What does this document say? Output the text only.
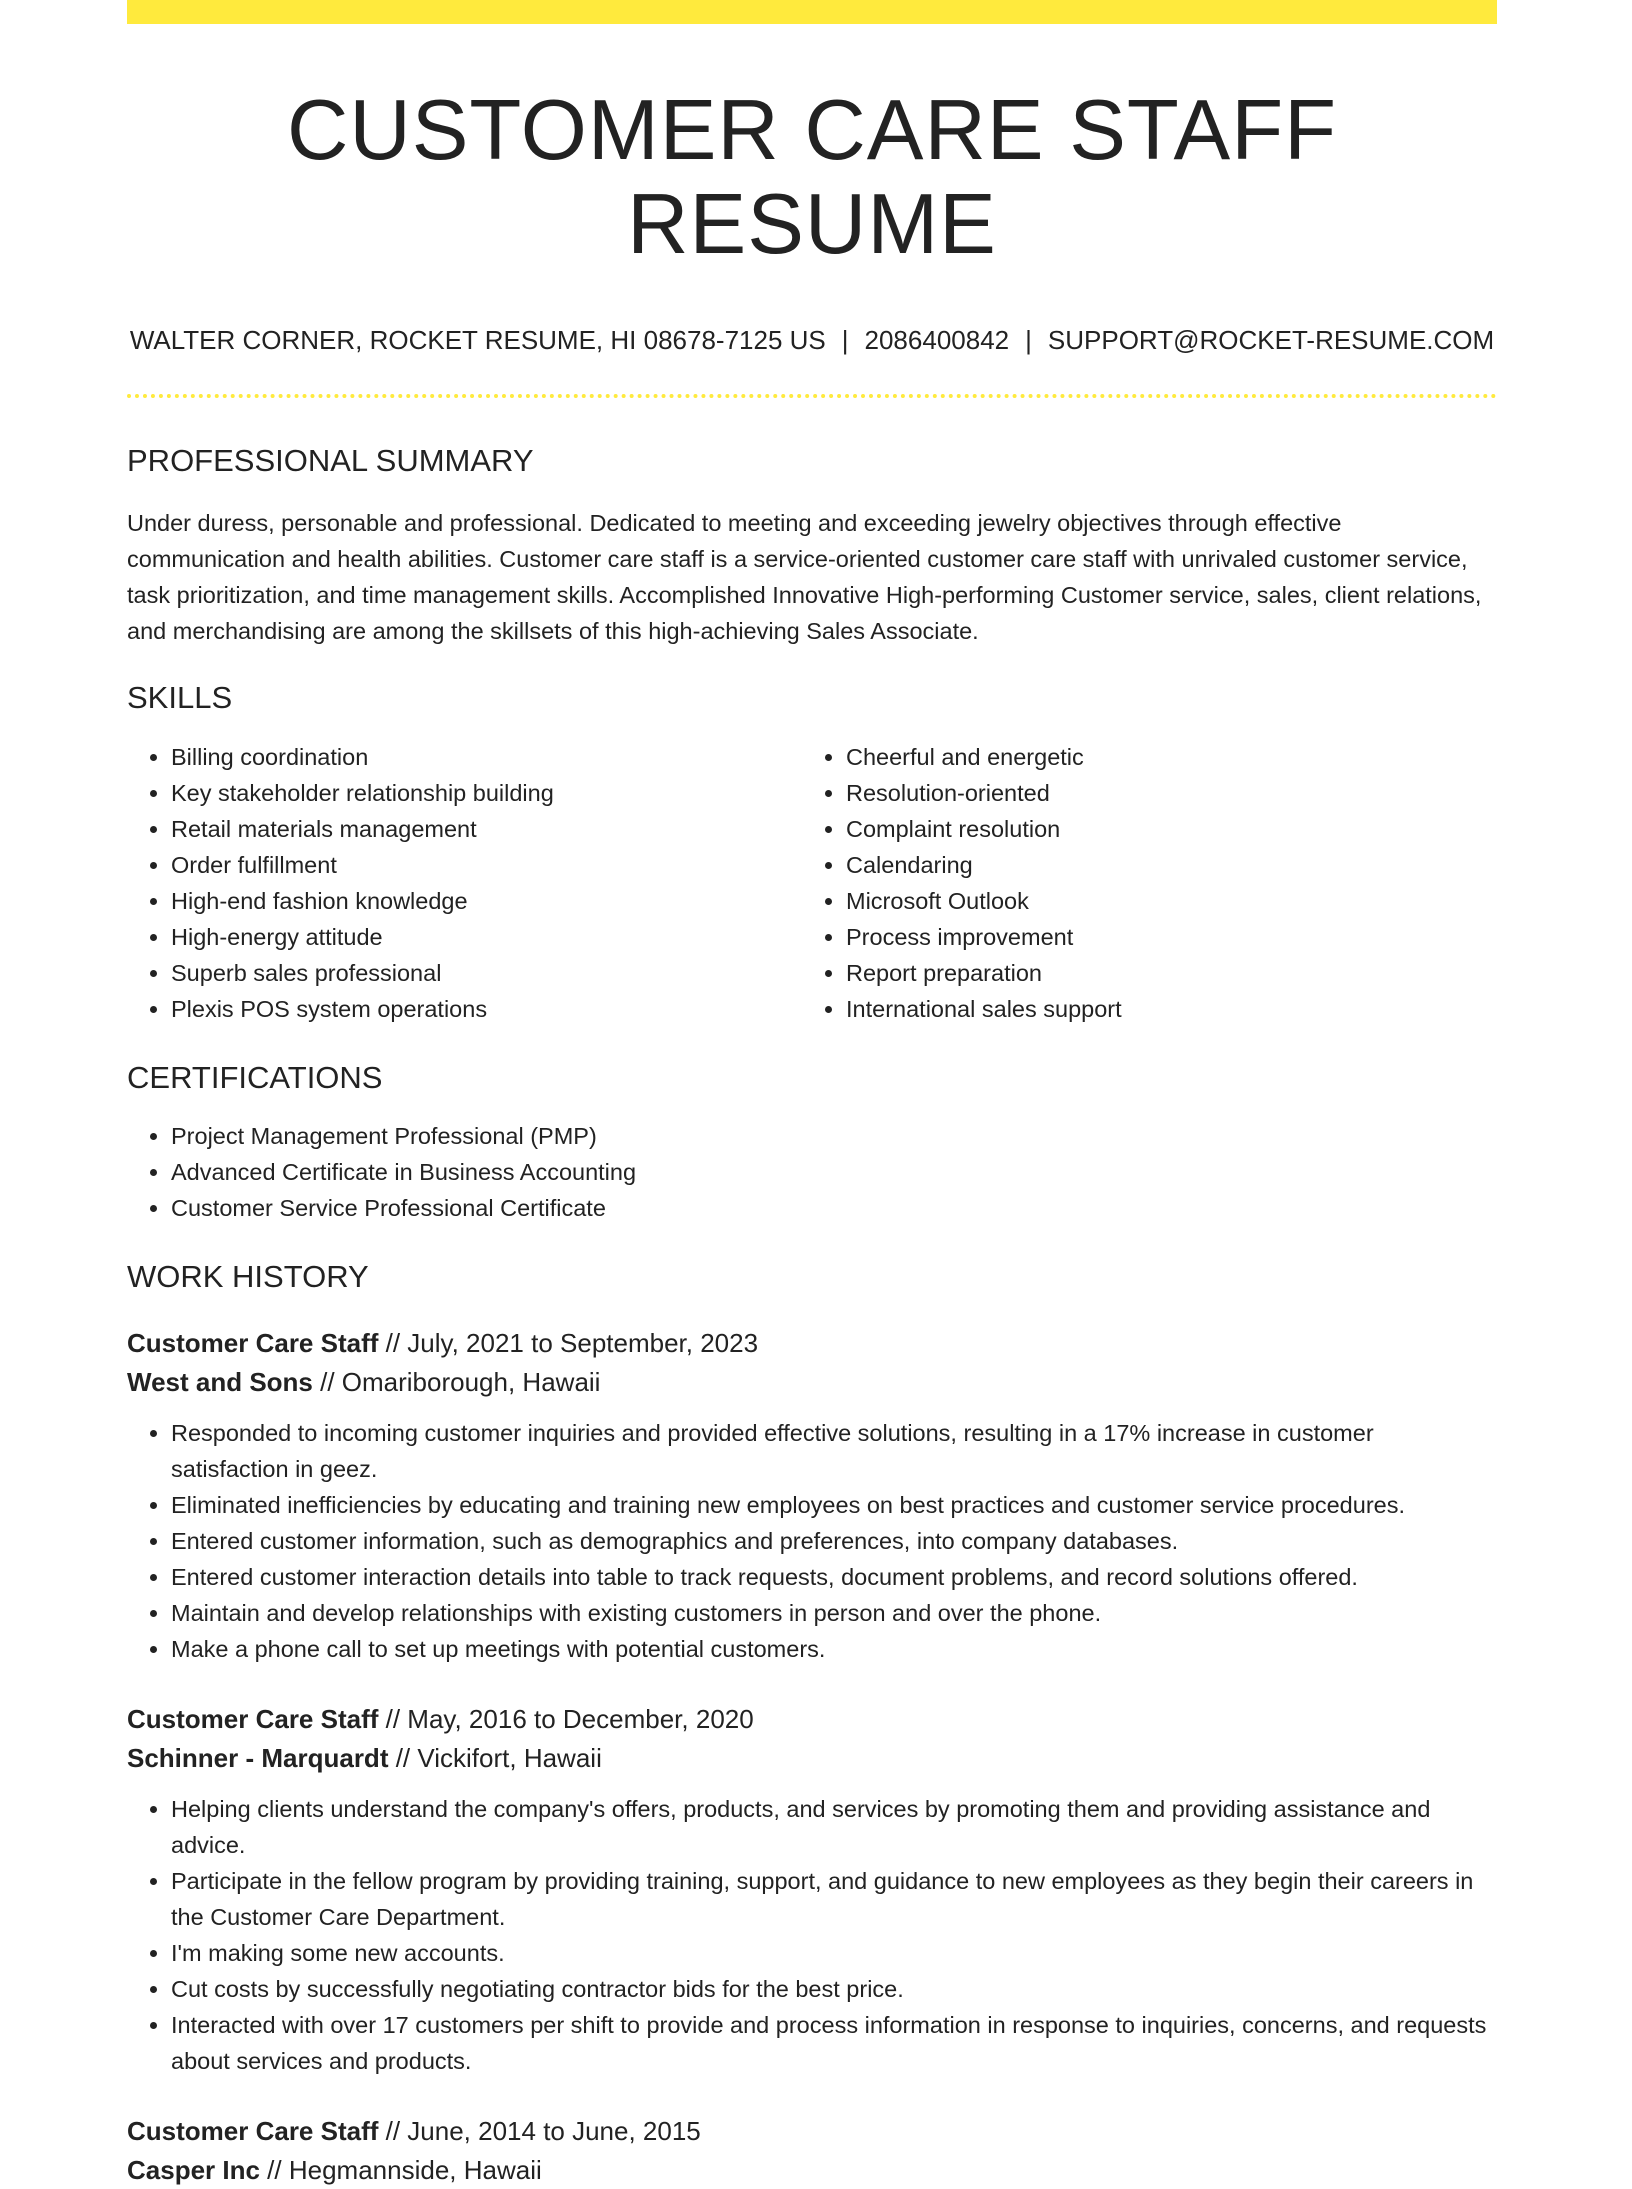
CUSTOMER CARE STAFF RESUME
WALTER CORNER, ROCKET RESUME, HI 08678-7125 US | 2086400842 | SUPPORT@ROCKET-RESUME.COM
PROFESSIONAL SUMMARY
Under duress, personable and professional. Dedicated to meeting and exceeding jewelry objectives through effective communication and health abilities. Customer care staff is a service-oriented customer care staff with unrivaled customer service, task prioritization, and time management skills. Accomplished Innovative High-performing Customer service, sales, client relations, and merchandising are among the skillsets of this high-achieving Sales Associate.
SKILLS
• Billing coordination
• Key stakeholder relationship building
• Retail materials management
• Order fulfillment
• High-end fashion knowledge
• High-energy attitude
• Superb sales professional
• Plexis POS system operations
• Cheerful and energetic
• Resolution-oriented
• Complaint resolution
• Calendaring
• Microsoft Outlook
• Process improvement
• Report preparation
• International sales support
CERTIFICATIONS
• Project Management Professional (PMP)
• Advanced Certificate in Business Accounting
• Customer Service Professional Certificate
WORK HISTORY
Customer Care Staff // July, 2021 to September, 2023
West and Sons // Omariborough, Hawaii
• Responded to incoming customer inquiries and provided effective solutions, resulting in a 17% increase in customer satisfaction in geez.
• Eliminated inefficiencies by educating and training new employees on best practices and customer service procedures.
• Entered customer information, such as demographics and preferences, into company databases.
• Entered customer interaction details into table to track requests, document problems, and record solutions offered.
• Maintain and develop relationships with existing customers in person and over the phone.
• Make a phone call to set up meetings with potential customers.
Customer Care Staff // May, 2016 to December, 2020
Schinner - Marquardt // Vickifort, Hawaii
• Helping clients understand the company's offers, products, and services by promoting them and providing assistance and advice.
• Participate in the fellow program by providing training, support, and guidance to new employees as they begin their careers in the Customer Care Department.
• I'm making some new accounts.
• Cut costs by successfully negotiating contractor bids for the best price.
• Interacted with over 17 customers per shift to provide and process information in response to inquiries, concerns, and requests about services and products.
Customer Care Staff // June, 2014 to June, 2015
Casper Inc // Hegmannside, Hawaii
